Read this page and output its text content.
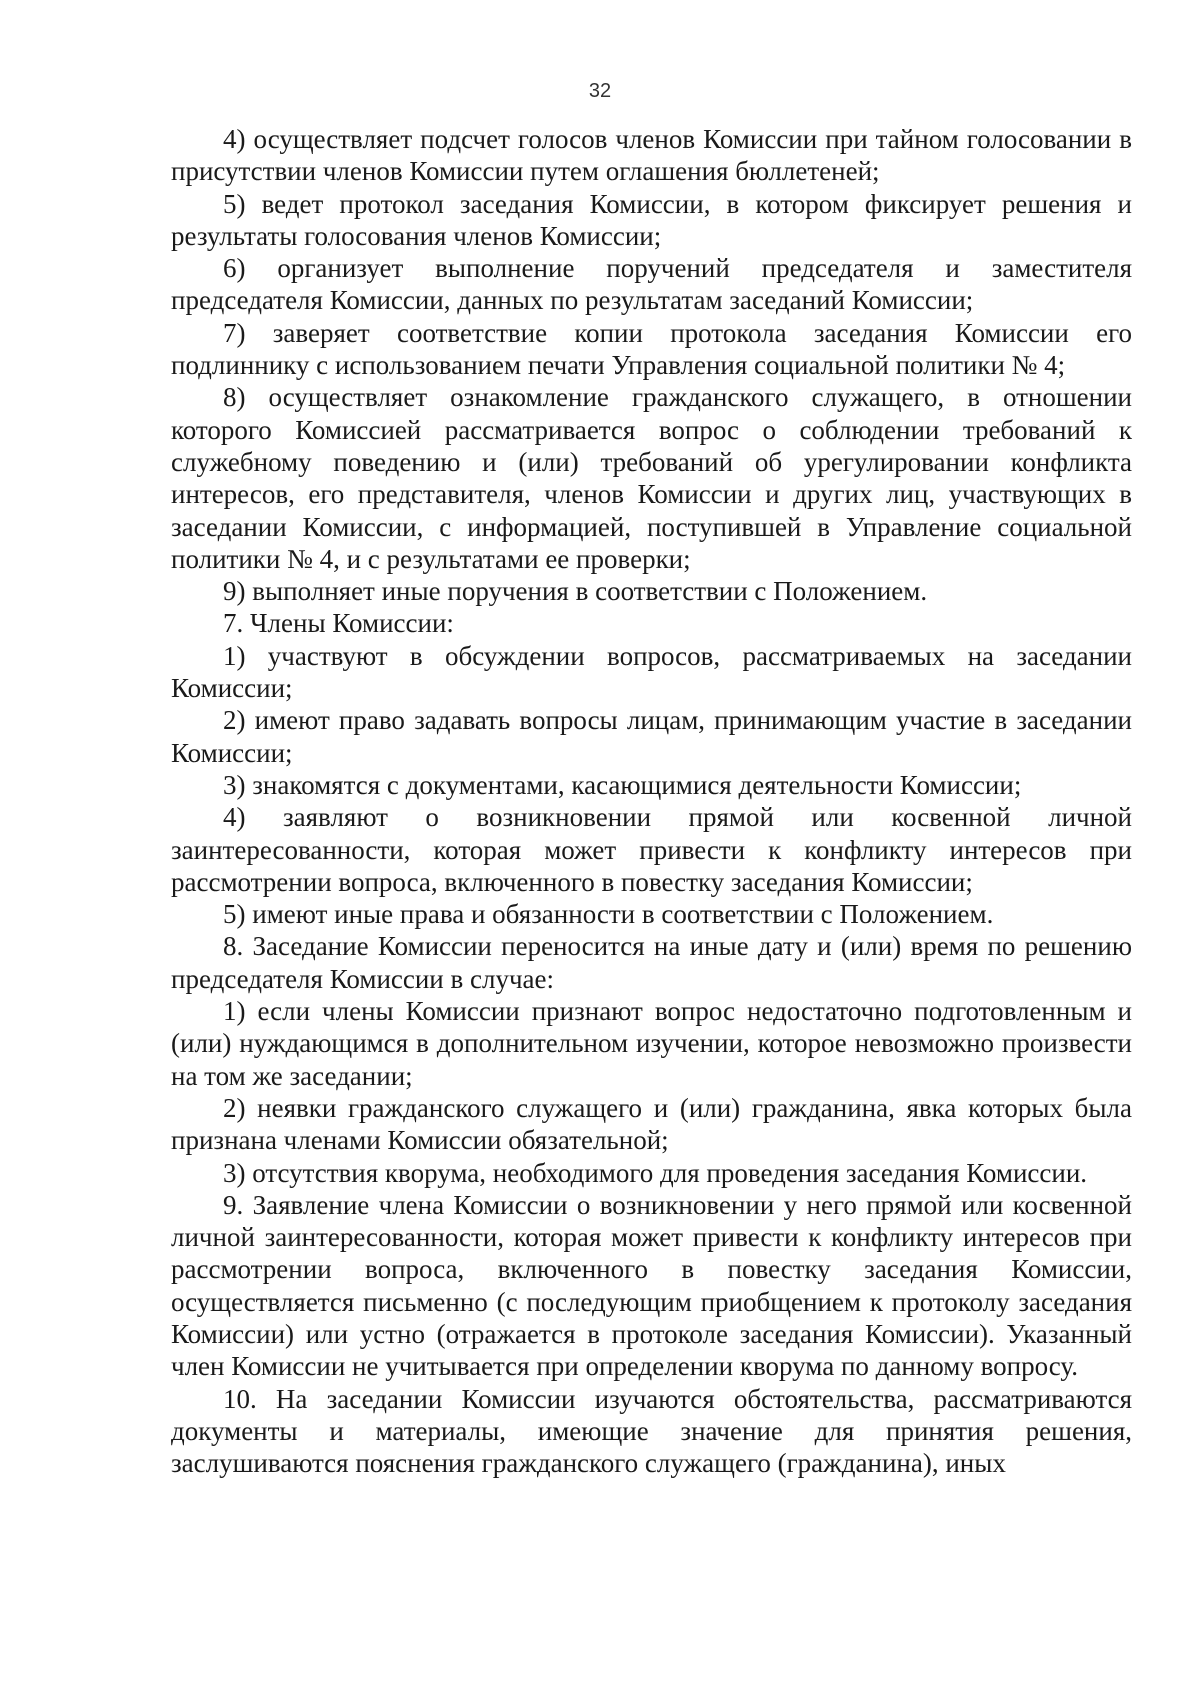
32

4) осуществляет подсчет голосов членов Комиссии при тайном голосовании в присутствии членов Комиссии путем оглашения бюллетеней;

5) ведет протокол заседания Комиссии, в котором фиксирует решения и результаты голосования членов Комиссии;

6) организует выполнение поручений председателя и заместителя председателя Комиссии, данных по результатам заседаний Комиссии;

7) заверяет соответствие копии протокола заседания Комиссии его подлиннику с использованием печати Управления социальной политики № 4;

8) осуществляет ознакомление гражданского служащего, в отношении которого Комиссией рассматривается вопрос о соблюдении требований к служебному поведению и (или) требований об урегулировании конфликта интересов, его представителя, членов Комиссии и других лиц, участвующих в заседании Комиссии, с информацией, поступившей в Управление социальной политики № 4, и с результатами ее проверки;

9) выполняет иные поручения в соответствии с Положением.

7. Члены Комиссии:

1) участвуют в обсуждении вопросов, рассматриваемых на заседании Комиссии;

2) имеют право задавать вопросы лицам, принимающим участие в заседании Комиссии;

3) знакомятся с документами, касающимися деятельности Комиссии;

4) заявляют о возникновении прямой или косвенной личной заинтересованности, которая может привести к конфликту интересов при рассмотрении вопроса, включенного в повестку заседания Комиссии;

5) имеют иные права и обязанности в соответствии с Положением.

8. Заседание Комиссии переносится на иные дату и (или) время по решению председателя Комиссии в случае:

1) если члены Комиссии признают вопрос недостаточно подготовленным и (или) нуждающимся в дополнительном изучении, которое невозможно произвести на том же заседании;

2) неявки гражданского служащего и (или) гражданина, явка которых была признана членами Комиссии обязательной;

3) отсутствия кворума, необходимого для проведения заседания Комиссии.

9. Заявление члена Комиссии о возникновении у него прямой или косвенной личной заинтересованности, которая может привести к конфликту интересов при рассмотрении вопроса, включенного в повестку заседания Комиссии, осуществляется письменно (с последующим приобщением к протоколу заседания Комиссии) или устно (отражается в протоколе заседания Комиссии). Указанный член Комиссии не учитывается при определении кворума по данному вопросу.

10. На заседании Комиссии изучаются обстоятельства, рассматриваются документы и материалы, имеющие значение для принятия решения, заслушиваются пояснения гражданского служащего (гражданина), иных
